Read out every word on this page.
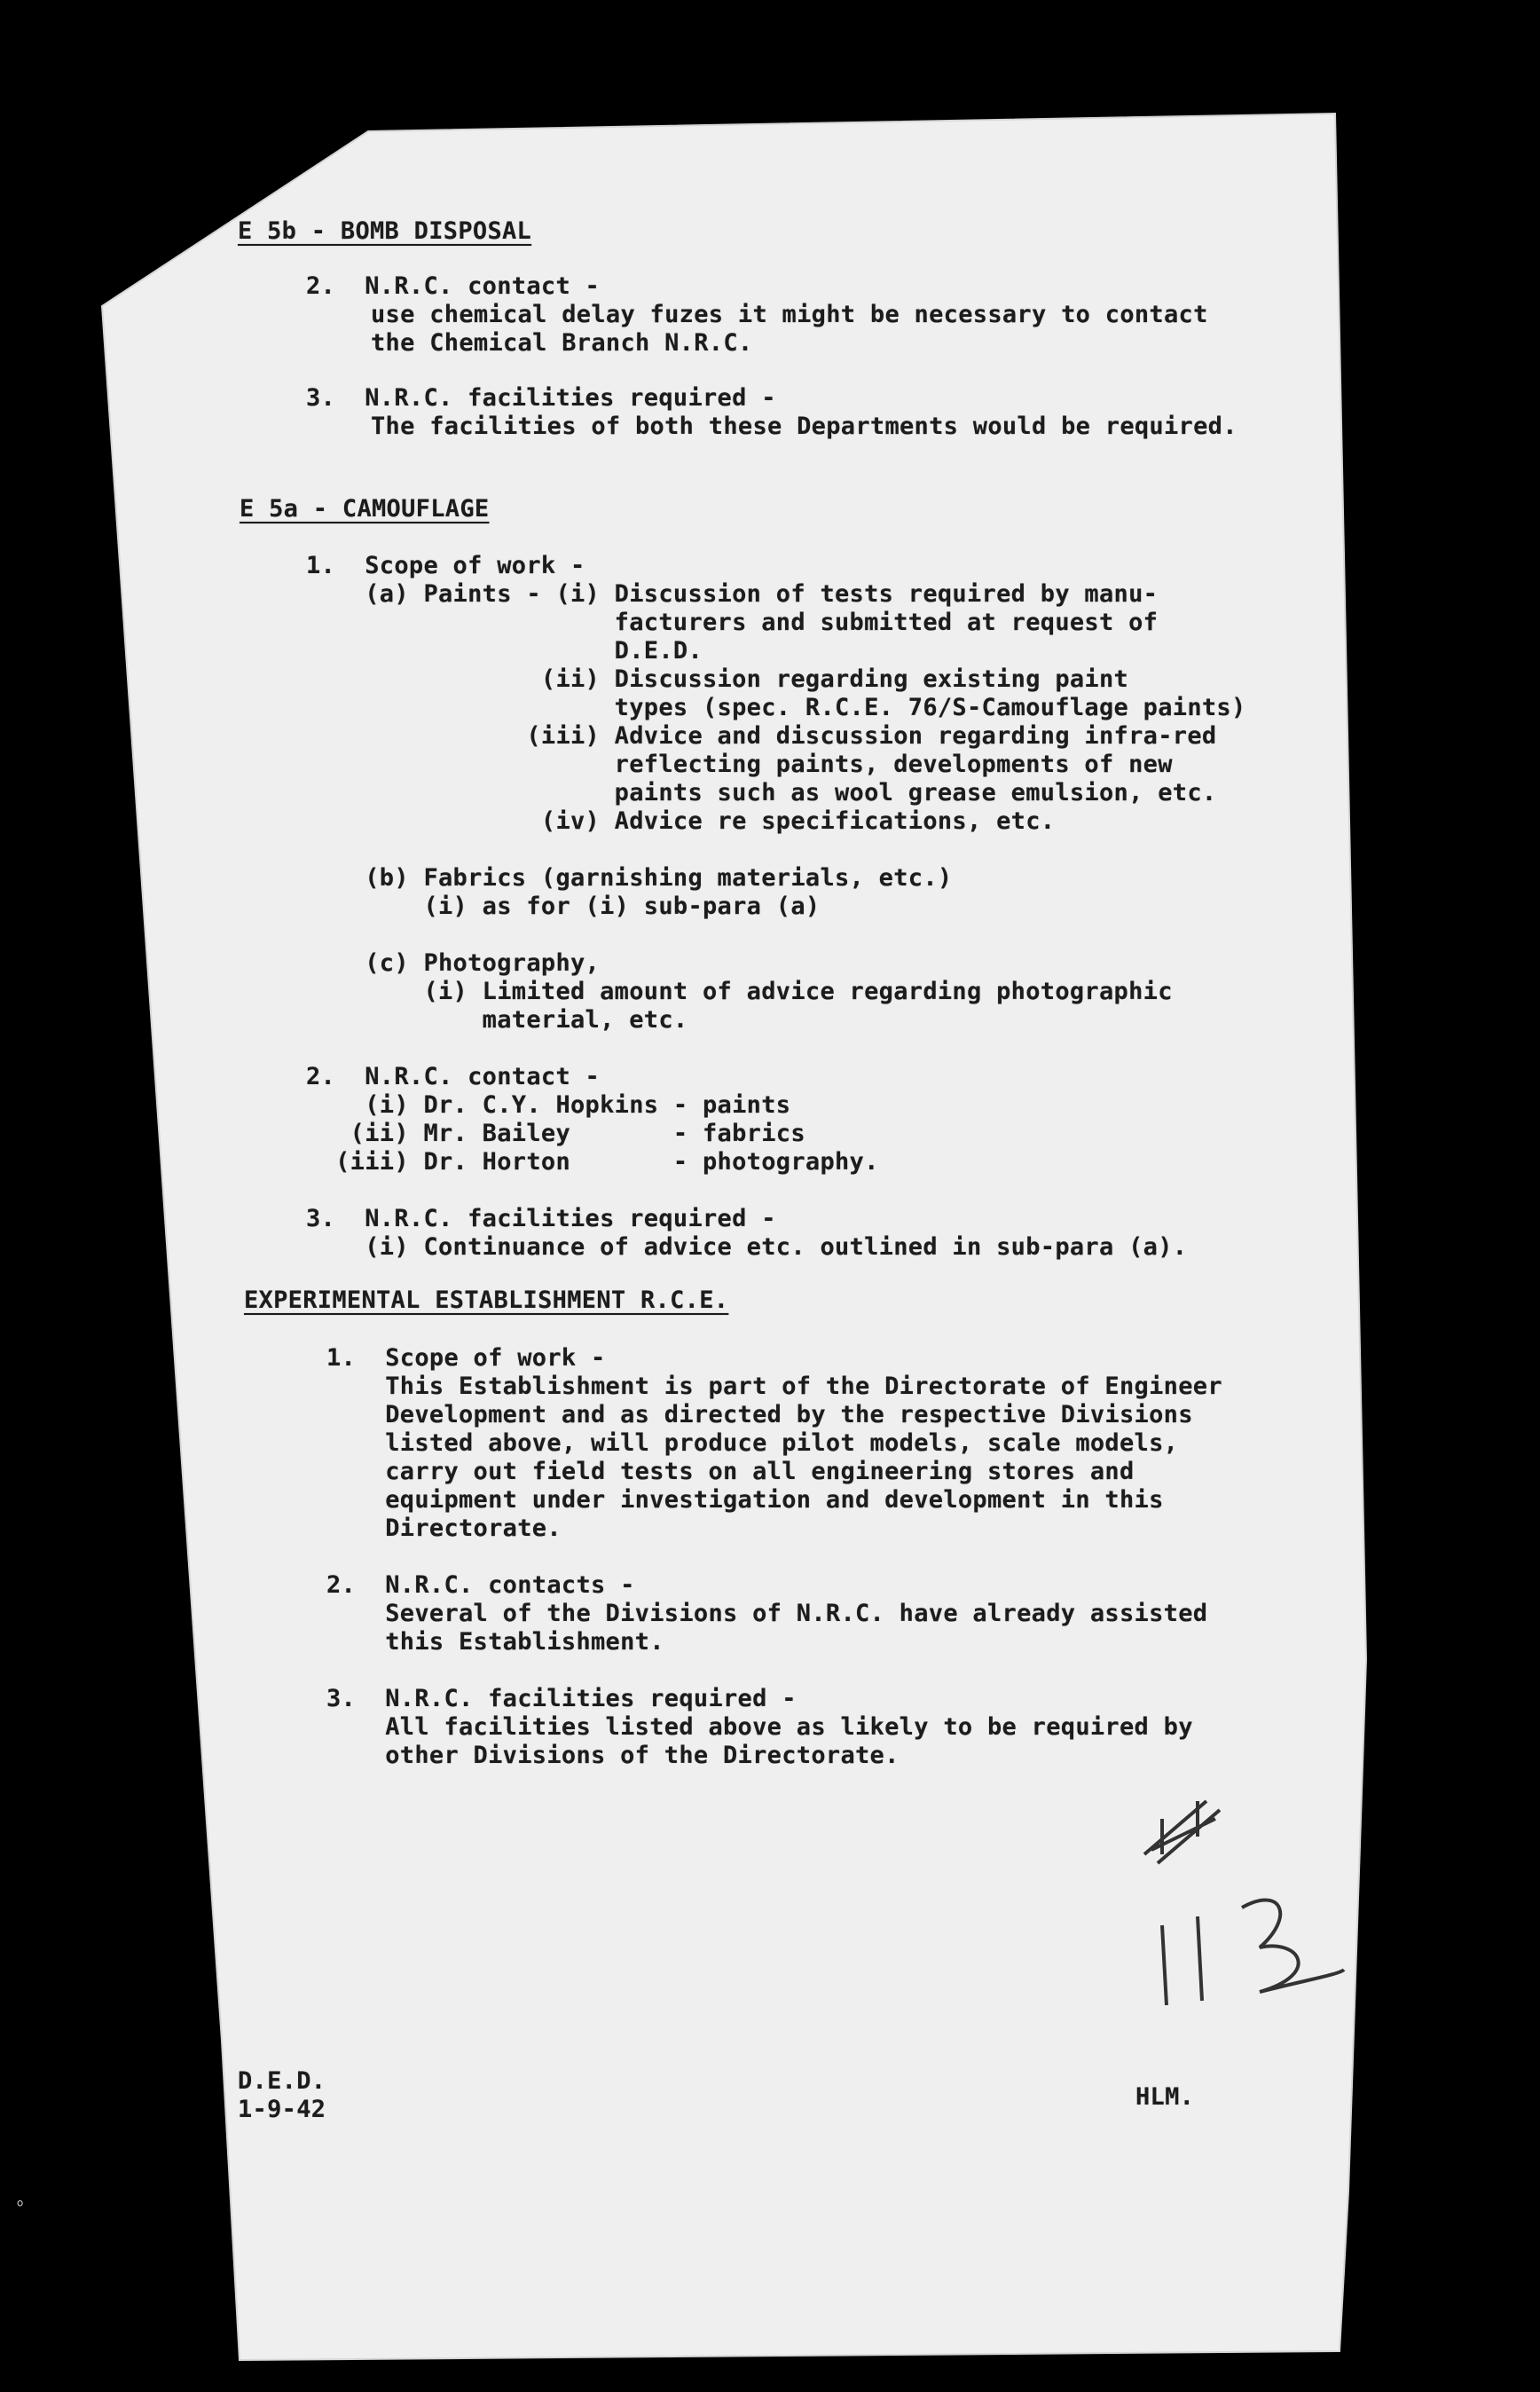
E 5b - BOMB DISPOSAL
2.  N.R.C. contact -
use chemical delay fuzes it might be necessary to contact
the Chemical Branch N.R.C.
3.  N.R.C. facilities required -
The facilities of both these Departments would be required.
E 5a - CAMOUFLAGE
1.  Scope of work -
(a) Paints - (i) Discussion of tests required by manu-
facturers and submitted at request of
D.E.D.
(ii) Discussion regarding existing paint
types (spec. R.C.E. 76/S-Camouflage paints)
(iii) Advice and discussion regarding infra-red
reflecting paints, developments of new
paints such as wool grease emulsion, etc.
(iv) Advice re specifications, etc.

(b) Fabrics (garnishing materials, etc.)
(i) as for (i) sub-para (a)

(c) Photography,
(i) Limited amount of advice regarding photographic
material, etc.

2.  N.R.C. contact -
(i) Dr. C.Y. Hopkins - paints
(ii) Mr. Bailey       - fabrics
(iii) Dr. Horton       - photography.

3.  N.R.C. facilities required -
(i) Continuance of advice etc. outlined in sub-para (a).
EXPERIMENTAL ESTABLISHMENT R.C.E.
1.  Scope of work -
This Establishment is part of the Directorate of Engineer
Development and as directed by the respective Divisions
listed above, will produce pilot models, scale models,
carry out field tests on all engineering stores and
equipment under investigation and development in this
Directorate.

2.  N.R.C. contacts -
Several of the Divisions of N.R.C. have already assisted
this Establishment.

3.  N.R.C. facilities required -
All facilities listed above as likely to be required by
other Divisions of the Directorate.
D.E.D.
1-9-42	HLM.
ﾟ
